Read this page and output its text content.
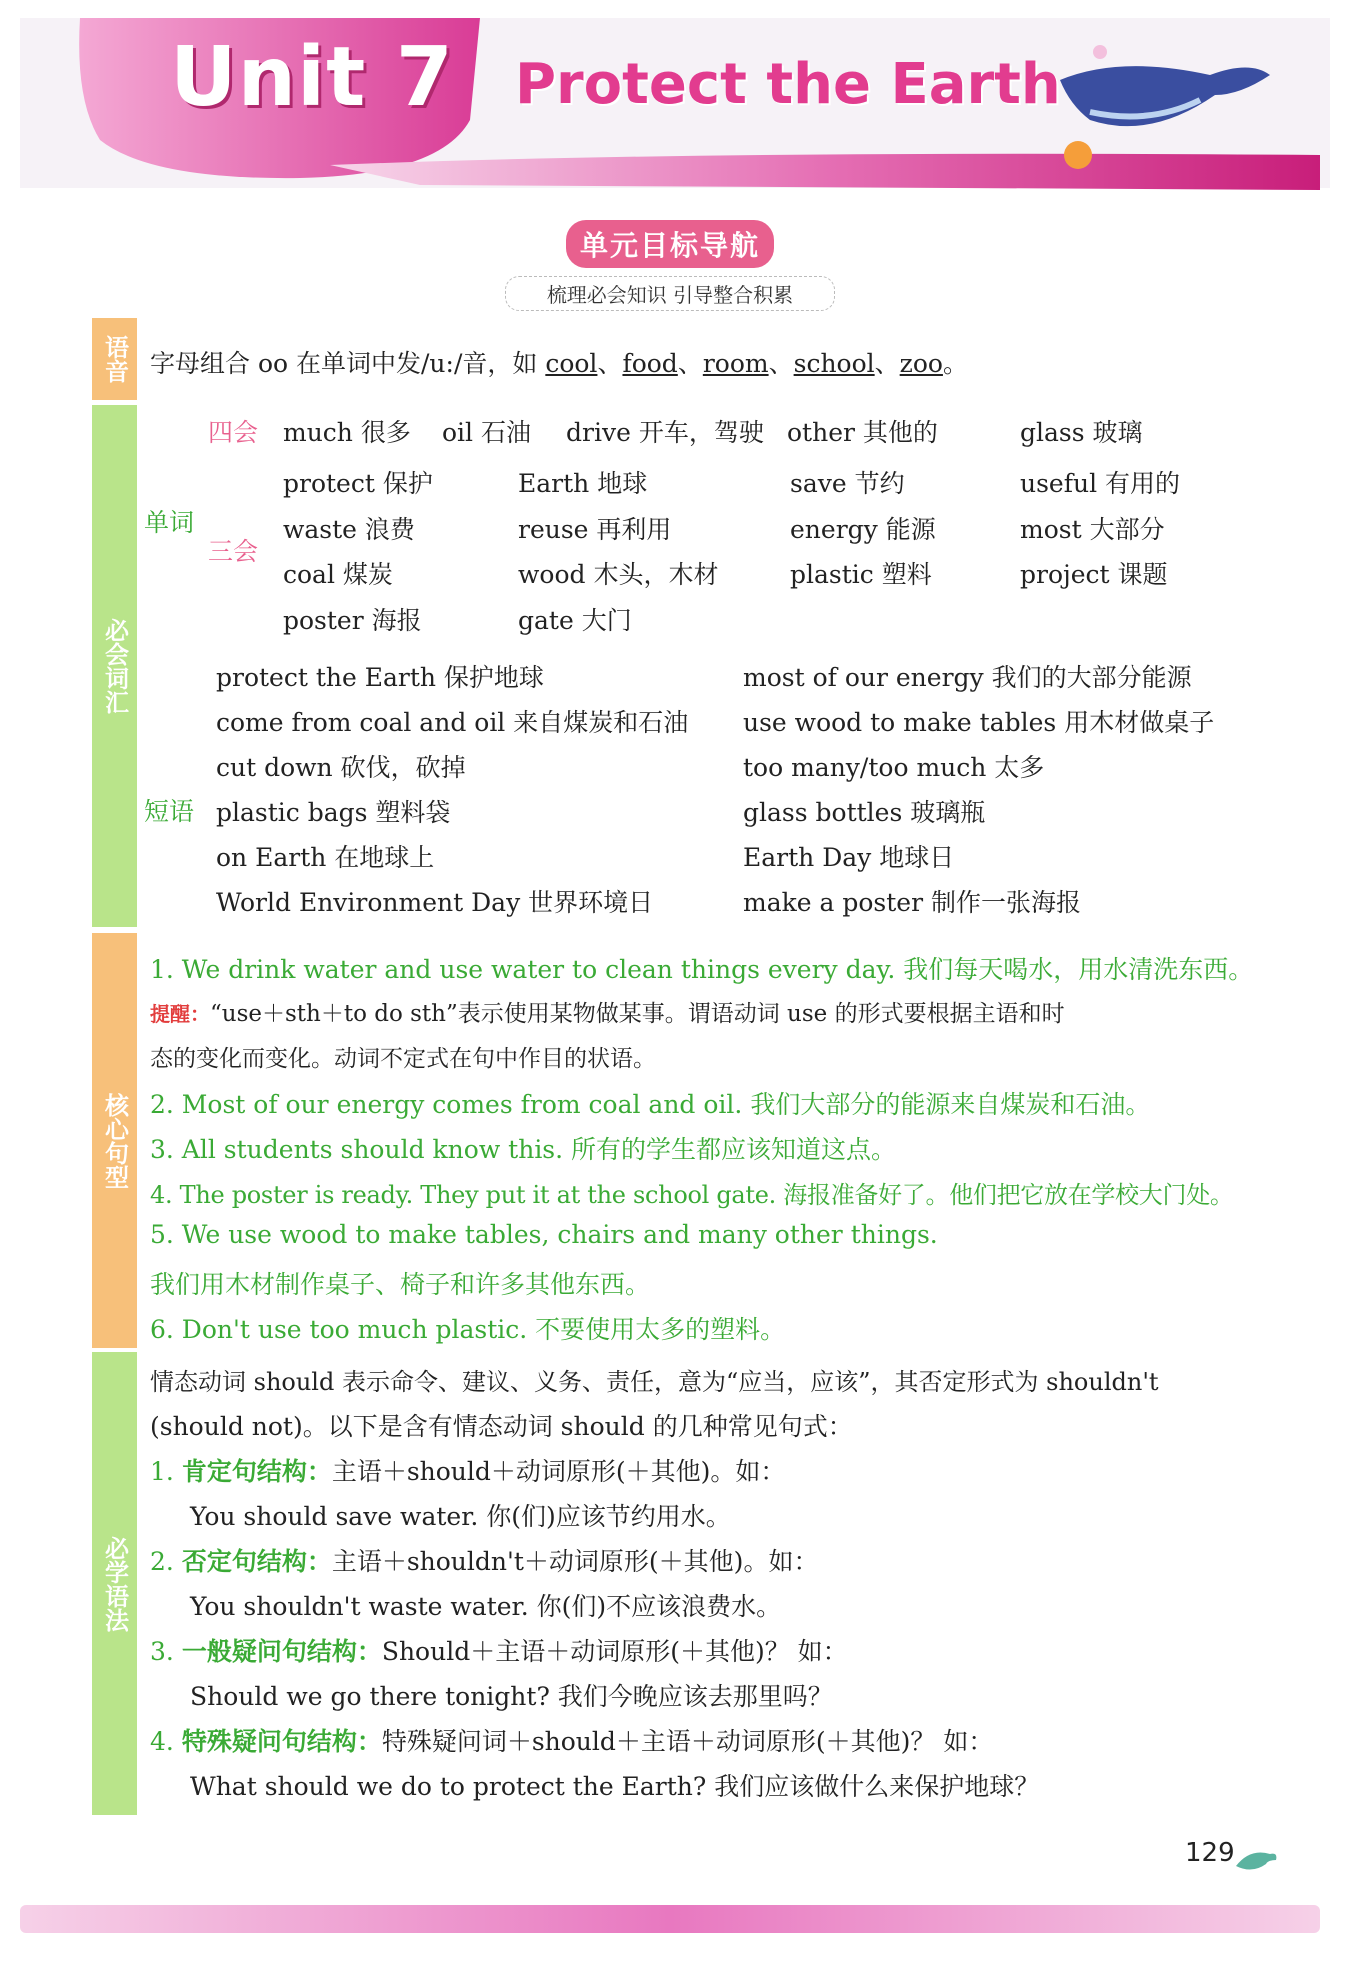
Unit 7 Protect the Earth
单元目标导航
梳理必会知识 引导整合积累
语音
必会词汇
核心句型
必学语法
字母组合 oo 在单词中发/u:/音，如 cool、food、room、school、zoo。
单词
四会
三会
much 很多 oil 石油 drive 开车，驾驶 other 其他的	glass 玻璃
protect 保护	Earth 地球	save 节约	useful 有用的
waste 浪费	reuse 再利用	energy 能源	most 大部分
coal 煤炭	wood 木头，木材	plastic 塑料	project 课题
poster 海报	gate 大门
短语
protect the Earth 保护地球	most of our energy 我们的大部分能源
come from coal and oil 来自煤炭和石油 use wood to make tables 用木材做桌子
cut down 砍伐，砍掉	too many/too much 太多
plastic bags 塑料袋	glass bottles 玻璃瓶
on Earth 在地球上	Earth Day 地球日
World Environment Day 世界环境日	make a poster 制作一张海报
1. We drink water and use water to clean things every day. 我们每天喝水，用水清洗东西。
提醒：“use＋sth＋to do sth”表示使用某物做某事。谓语动词 use 的形式要根据主语和时
态的变化而变化。动词不定式在句中作目的状语。
2. Most of our energy comes from coal and oil. 我们大部分的能源来自煤炭和石油。
3. All students should know this. 所有的学生都应该知道这点。
4. The poster is ready. They put it at the school gate. 海报准备好了。他们把它放在学校大门处。
5. We use wood to make tables, chairs and many other things.
我们用木材制作桌子、椅子和许多其他东西。
6. Don't use too much plastic. 不要使用太多的塑料。
情态动词 should 表示命令、建议、义务、责任，意为“应当，应该”，其否定形式为 shouldn't
(should not)。以下是含有情态动词 should 的几种常见句式：
1. 肯定句结构：主语＋should＋动词原形(＋其他)。如：
You should save water. 你(们)应该节约用水。
2. 否定句结构：主语＋shouldn't＋动词原形(＋其他)。如：
You shouldn't waste water. 你(们)不应该浪费水。
3. 一般疑问句结构：Should＋主语＋动词原形(＋其他)？ 如：
Should we go there tonight? 我们今晚应该去那里吗？
4. 特殊疑问句结构：特殊疑问词＋should＋主语＋动词原形(＋其他)？ 如：
What should we do to protect the Earth? 我们应该做什么来保护地球？
129
